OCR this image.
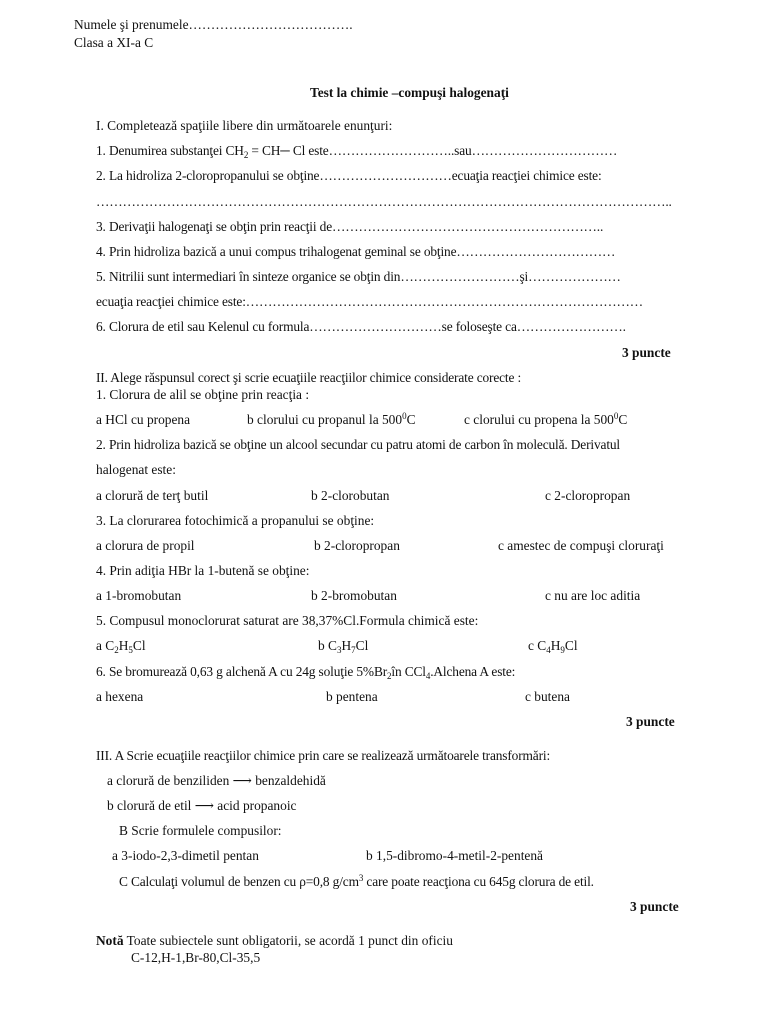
Numele şi prenumele……………………………….
Clasa a XI-a C
Test la chimie –compuşi halogenaţi
I. Completează spaţiile libere din următoarele enunţuri:
1. Denumirea substanţei $CH_2$ = CH─ Cl este………………………..sau……………………………
2. La hidroliza 2-cloropropanului se obţine…………………………ecuaţia reacţiei chimice este:
…………………………………………………………………………………………………………………..
3. Derivaţii halogenaţi se obţin prin reacţii de……………………………………………………..
4. Prin hidroliza bazică a unui compus trihalogenat geminal se obţine………………………………
5. Nitrilii sunt intermediari în sinteze organice se obţin din………………………şi…………………
ecuaţia reacţiei chimice este:………………………………………………………………………………
6. Clorura de etil sau Kelenul cu formula…………………………se foloseşte ca…………………….
3 puncte
II. Alege răspunsul corect şi scrie ecuaţiile reacţiilor chimice considerate corecte :
1. Clorura de alil se obţine prin reacţia :
a HCl cu propena	b clorului cu propanul la $500^0C$	c clorului cu propena la $500^0C$
2. Prin hidroliza bazică se obţine un alcool secundar cu patru atomi de carbon în moleculă. Derivatul
halogenat este:
a clorură de terţ butil	b 2-clorobutan	c 2-cloropropan
3. La clorurarea fotochimică a propanului se obţine:
a clorura de propil	b 2-cloropropan	c amestec de compuşi cloruraţi
4. Prin adiţia HBr la 1-butenă se obţine:
a 1-bromobutan	b 2-bromobutan	c nu are loc aditia
5. Compusul monoclorurat saturat are 38,37%Cl.Formula chimică este:
a $C_2H_5Cl$	b $C_3H_7Cl$	c $C_4H_9Cl$
6. Se bromurează 0,63 g alchenă A cu 24g soluţie $5\%Br_2în$ CCl$_4$.Alchena A este:
a hexena	b pentena	c butena
3 puncte
III. A Scrie ecuaţiile reacţiilor chimice prin care se realizează următoarele transformări:
a clorură de benziliden ⟶ benzaldehidă
b clorură de etil ⟶ acid propanoic
B Scrie formulele compusilor:
a 3-iodo-2,3-dimetil pentan	b 1,5-dibromo-4-metil-2-pentenă
C Calculaţi volumul de benzen cu ρ=0,8 $g/cm^3$ care poate reacţiona cu 645g clorura de etil.
3 puncte
Notă Toate subiectele sunt obligatorii, se acordă 1 punct din oficiu
C-12,H-1,Br-80,Cl-35,5
